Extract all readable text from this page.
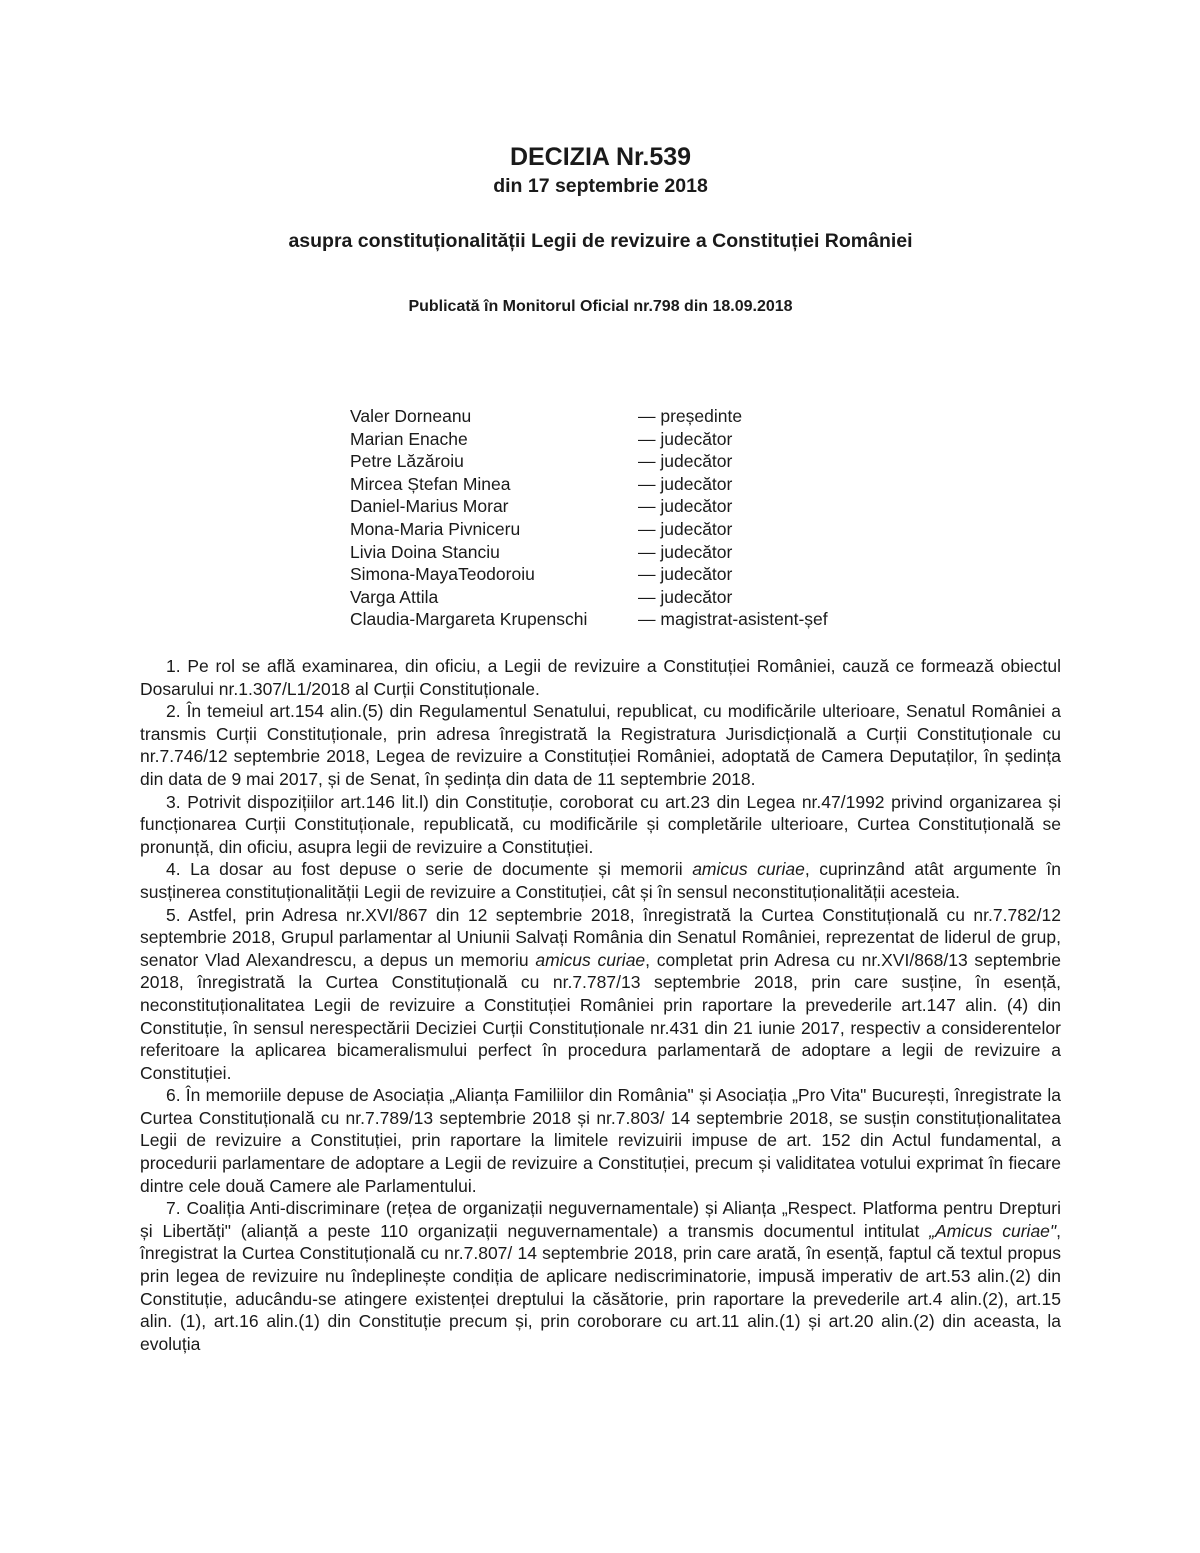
DECIZIA Nr.539
din 17 septembrie 2018
asupra constituționalității Legii de revizuire a Constituției României

Publicată în Monitorul Oficial nr.798 din 18.09.2018

Valer Dorneanu	— președinte
Marian Enache	— judecător
Petre Lăzăroiu	— judecător
Mircea Ștefan Minea	— judecător
Daniel-Marius Morar	— judecător
Mona-Maria Pivniceru	— judecător
Livia Doina Stanciu	— judecător
Simona-MayaTeodoroiu	— judecător
Varga Attila	— judecător
Claudia-Margareta Krupenschi	— magistrat-asistent-șef

1. Pe rol se află examinarea, din oficiu, a Legii de revizuire a Constituției României, cauză ce formează obiectul Dosarului nr.1.307/L1/2018 al Curții Constituționale.

2. În temeiul art.154 alin.(5) din Regulamentul Senatului, republicat, cu modificările ulterioare, Senatul României a transmis Curții Constituționale, prin adresa înregistrată la Registratura Jurisdicțională a Curții Constituționale cu nr.7.746/12 septembrie 2018, Legea de revizuire a Constituției României, adoptată de Camera Deputaților, în ședința din data de 9 mai 2017, și de Senat, în ședința din data de 11 septembrie 2018.

3. Potrivit dispozițiilor art.146 lit.l) din Constituție, coroborat cu art.23 din Legea nr.47/1992 privind organizarea și funcționarea Curții Constituționale, republicată, cu modificările și completările ulterioare, Curtea Constituțională se pronunță, din oficiu, asupra legii de revizuire a Constituției.

4. La dosar au fost depuse o serie de documente și memorii amicus curiae, cuprinzând atât argumente în susținerea constituționalității Legii de revizuire a Constituției, cât și în sensul neconstituționalității acesteia.

5. Astfel, prin Adresa nr.XVI/867 din 12 septembrie 2018, înregistrată la Curtea Constituțională cu nr.7.782/12 septembrie 2018, Grupul parlamentar al Uniunii Salvați România din Senatul României, reprezentat de liderul de grup, senator Vlad Alexandrescu, a depus un memoriu amicus curiae, completat prin Adresa cu nr.XVI/868/13 septembrie 2018, înregistrată la Curtea Constituțională cu nr.7.787/13 septembrie 2018, prin care susține, în esență, neconstituționalitatea Legii de revizuire a Constituției României prin raportare la prevederile art.147 alin. (4) din Constituție, în sensul nerespectării Deciziei Curții Constituționale nr.431 din 21 iunie 2017, respectiv a considerentelor referitoare la aplicarea bicameralismului perfect în procedura parlamentară de adoptare a legii de revizuire a Constituției.

6. În memoriile depuse de Asociația „Alianța Familiilor din România" și Asociația „Pro Vita" București, înregistrate la Curtea Constituțională cu nr.7.789/13 septembrie 2018 și nr.7.803/ 14 septembrie 2018, se susțin constituționalitatea Legii de revizuire a Constituției, prin raportare la limitele revizuirii impuse de art. 152 din Actul fundamental, a procedurii parlamentare de adoptare a Legii de revizuire a Constituției, precum și validitatea votului exprimat în fiecare dintre cele două Camere ale Parlamentului.

7. Coaliția Anti-discriminare (rețea de organizații neguvernamentale) și Alianța „Respect. Platforma pentru Drepturi și Libertăți" (alianță a peste 110 organizații neguvernamentale) a transmis documentul intitulat „Amicus curiae", înregistrat la Curtea Constituțională cu nr.7.807/ 14 septembrie 2018, prin care arată, în esență, faptul că textul propus prin legea de revizuire nu îndeplinește condiția de aplicare nediscriminatorie, impusă imperativ de art.53 alin.(2) din Constituție, aducându-se atingere existenței dreptului la căsătorie, prin raportare la prevederile art.4 alin.(2), art.15 alin. (1), art.16 alin.(1) din Constituție precum și, prin coroborare cu art.11 alin.(1) și art.20 alin.(2) din aceasta, la evoluția
